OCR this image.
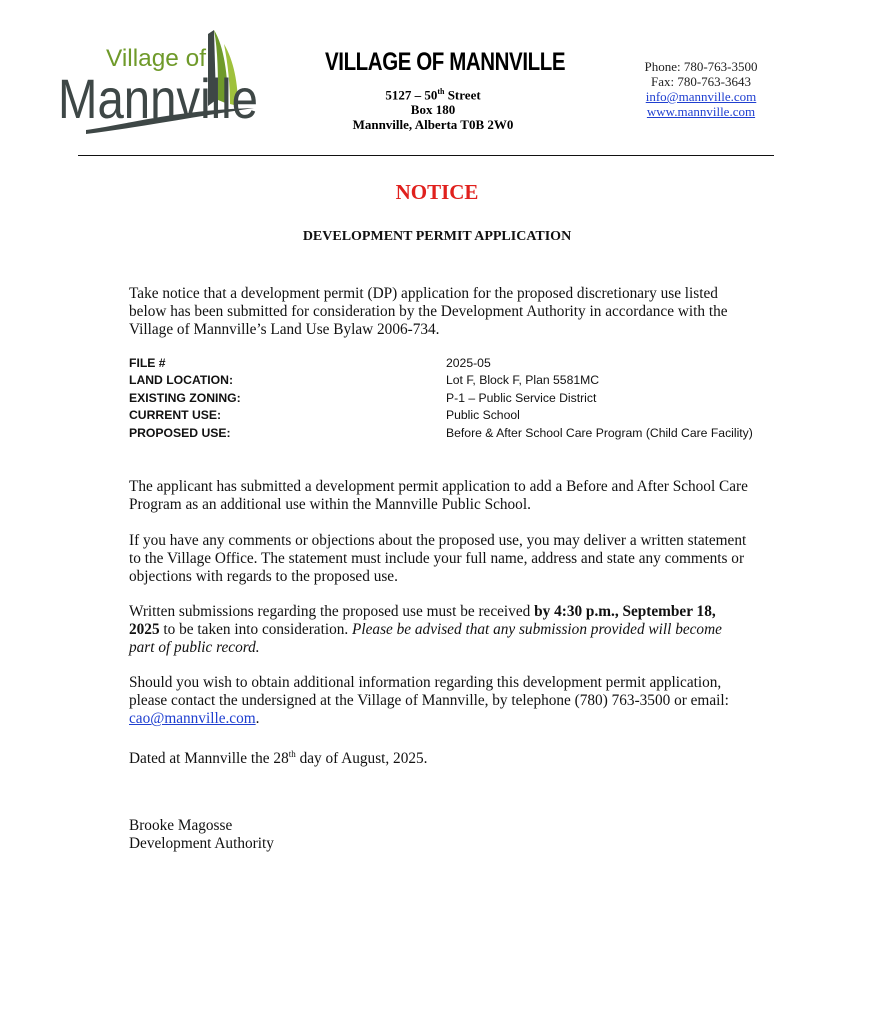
Village of
Mannville
VILLAGE OF MANNVILLE
5127 – 50th Street
Box 180
Mannville, Alberta T0B 2W0
Phone: 780-763-3500
Fax: 780-763-3643
info@mannville.com
www.mannville.com
NOTICE
DEVELOPMENT PERMIT APPLICATION
Take notice that a development permit (DP) application for the proposed discretionary use listed below has been submitted for consideration by the Development Authority in accordance with the Village of Mannville’s Land Use Bylaw 2006-734.
FILE #	2025-05
LAND LOCATION:	Lot F, Block F, Plan 5581MC
EXISTING ZONING:	P-1 – Public Service District
CURRENT USE:	Public School
PROPOSED USE:	Before & After School Care Program (Child Care Facility)
The applicant has submitted a development permit application to add a Before and After School Care Program as an additional use within the Mannville Public School.
If you have any comments or objections about the proposed use, you may deliver a written statement to the Village Office. The statement must include your full name, address and state any comments or objections with regards to the proposed use.
Written submissions regarding the proposed use must be received by 4:30 p.m., September 18, 2025 to be taken into consideration. Please be advised that any submission provided will become part of public record.
Should you wish to obtain additional information regarding this development permit application, please contact the undersigned at the Village of Mannville, by telephone (780) 763-3500 or email: cao@mannville.com.
Dated at Mannville the 28th day of August, 2025.
Brooke Magosse
Development Authority
